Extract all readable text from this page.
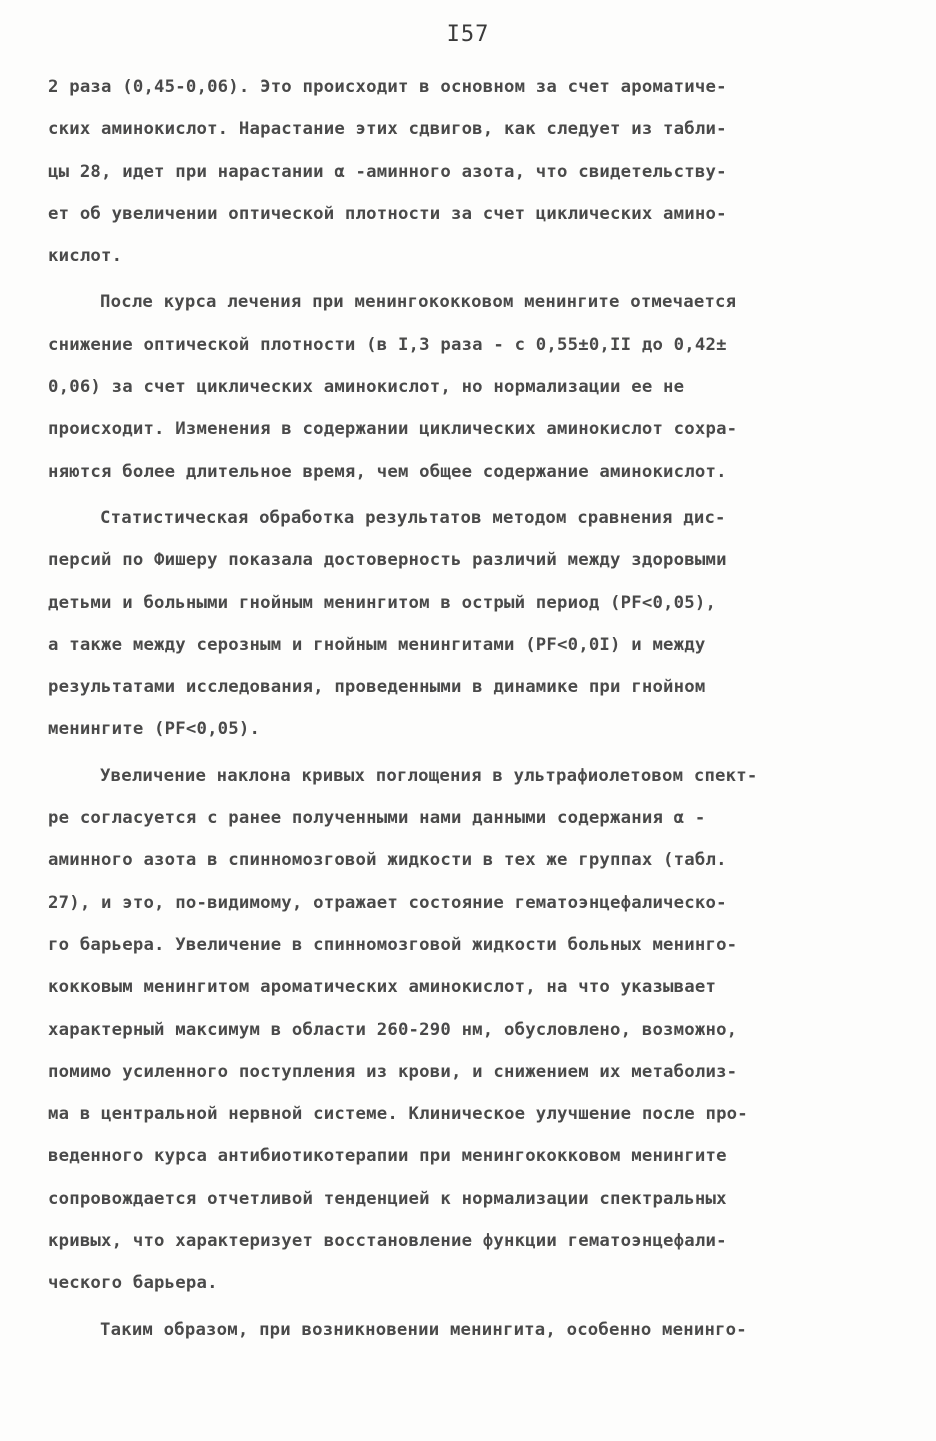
I57
2 раза (0,45-0,06). Это происходит в основном за счет ароматиче-
ских аминокислот. Нарастание этих сдвигов, как следует из табли-
цы 28, идет при нарастании α -аминного азота, что свидетельству-
ет об увеличении оптической плотности за счет циклических амино-
кислот.
После курса лечения при менингококковом менингите отмечается
снижение оптической плотности (в I,3 раза - с 0,55±0,II до 0,42±
0,06) за счет циклических аминокислот, но нормализации ее не
происходит. Изменения в содержании циклических аминокислот сохра-
няются более длительное время, чем общее содержание аминокислот.
Статистическая обработка результатов методом сравнения дис-
персий по Фишеру показала достоверность различий между здоровыми
детьми и больными гнойным менингитом в острый период (PF<0,05),
а также между серозным и гнойным менингитами (PF<0,0I) и между
результатами исследования, проведенными в динамике при гнойном
менингите (PF<0,05).
Увеличение наклона кривых поглощения в ультрафиолетовом спект-
ре согласуется с ранее полученными нами данными содержания α -
аминного азота в спинномозговой жидкости в тех же группах (табл.
27), и это, по-видимому, отражает состояние гематоэнцефалическо-
го барьера. Увеличение в спинномозговой жидкости больных менинго-
кокковым менингитом ароматических аминокислот, на что указывает
характерный максимум в области 260-290 нм, обусловлено, возможно,
помимо усиленного поступления из крови, и снижением их метаболиз-
ма в центральной нервной системе. Клиническое улучшение после про-
веденного курса антибиотикотерапии при менингококковом менингите
сопровождается отчетливой тенденцией к нормализации спектральных
кривых, что характеризует восстановление функции гематоэнцефали-
ческого барьера.
Таким образом, при возникновении менингита, особенно менинго-
